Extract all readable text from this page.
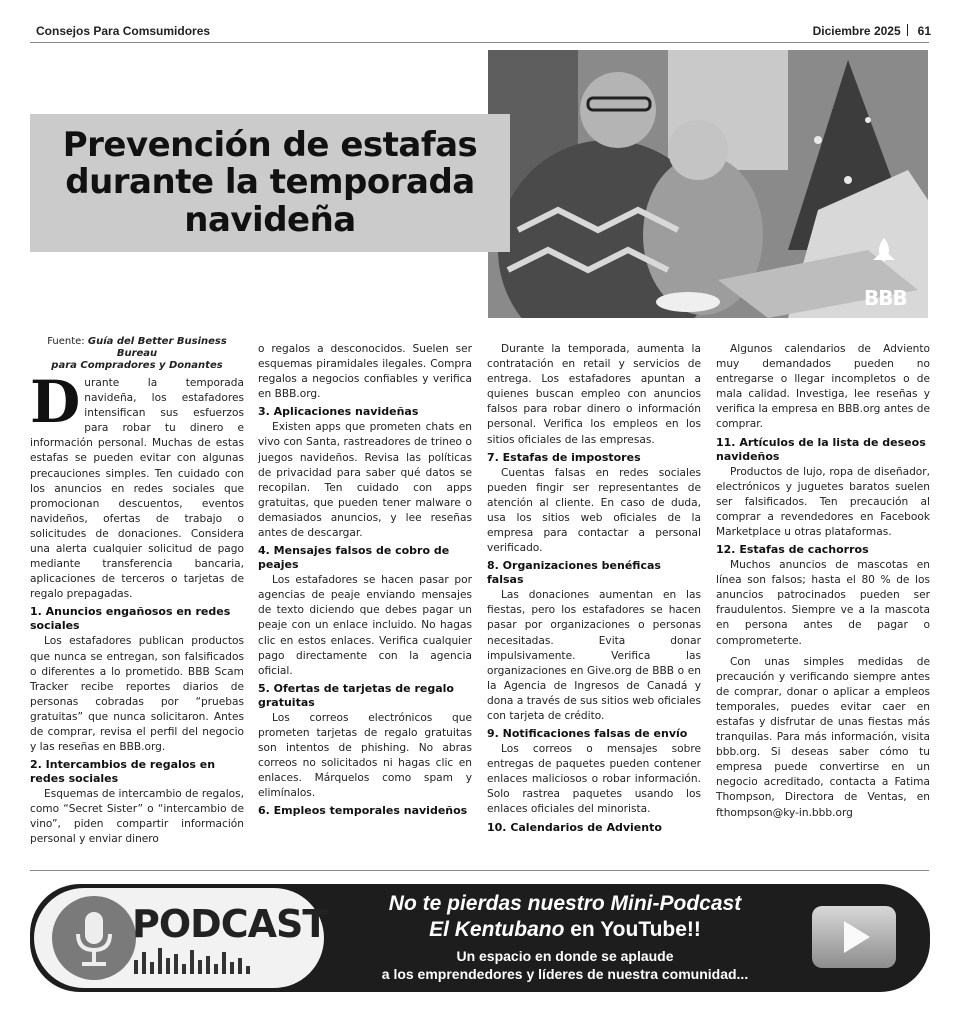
Consejos Para Comsumidores	Diciembre 2025 61
BBB
Prevención de estafas
durante la temporada
navideña
Fuente: Guía del Better Business Bureau
para Compradores y Donantes

Durante la temporada navideña, los estafadores intensifican sus esfuerzos para robar tu dinero e información personal. Muchas de estas estafas se pueden evitar con algunas precauciones simples. Ten cuidado con los anuncios en redes sociales que promocionan descuentos, eventos navideños, ofertas de trabajo o solicitudes de donaciones. Considera una alerta cualquier solicitud de pago mediante transferencia bancaria, aplicaciones de terceros o tarjetas de regalo prepagadas.

1. Anuncios engañosos en redes sociales

Los estafadores publican productos que nunca se entregan, son falsificados o diferentes a lo prometido. BBB Scam Tracker recibe reportes diarios de personas cobradas por “pruebas gratuitas” que nunca solicitaron. Antes de comprar, revisa el perfil del negocio y las reseñas en BBB.org.

2. Intercambios de regalos en redes sociales

Esquemas de intercambio de regalos, como “Secret Sister” o “intercambio de vino”, piden compartir información personal y enviar dinero

o regalos a desconocidos. Suelen ser esquemas piramidales ilegales. Compra regalos a negocios confiables y verifica en BBB.org.

3. Aplicaciones navideñas

Existen apps que prometen chats en vivo con Santa, rastreadores de trineo o juegos navideños. Revisa las políticas de privacidad para saber qué datos se recopilan. Ten cuidado con apps gratuitas, que pueden tener malware o demasiados anuncios, y lee reseñas antes de descargar.

4. Mensajes falsos de cobro de peajes

Los estafadores se hacen pasar por agencias de peaje enviando mensajes de texto diciendo que debes pagar un peaje con un enlace incluido. No hagas clic en estos enlaces. Verifica cualquier pago directamente con la agencia oficial.

5. Ofertas de tarjetas de regalo gratuitas

Los correos electrónicos que prometen tarjetas de regalo gratuitas son intentos de phishing. No abras correos no solicitados ni hagas clic en enlaces. Márquelos como spam y elimínalos.

6. Empleos temporales navideños

Durante la temporada, aumenta la contratación en retail y servicios de entrega. Los estafadores apuntan a quienes buscan empleo con anuncios falsos para robar dinero o información personal. Verifica los empleos en los sitios oficiales de las empresas.

7. Estafas de impostores

Cuentas falsas en redes sociales pueden fingir ser representantes de atención al cliente. En caso de duda, usa los sitios web oficiales de la empresa para contactar a personal verificado.

8. Organizaciones benéficas falsas

Las donaciones aumentan en las fiestas, pero los estafadores se hacen pasar por organizaciones o personas necesitadas. Evita donar impulsivamente. Verifica las organizaciones en Give.org de BBB o en la Agencia de Ingresos de Canadá y dona a través de sus sitios web oficiales con tarjeta de crédito.

9. Notificaciones falsas de envío

Los correos o mensajes sobre entregas de paquetes pueden contener enlaces maliciosos o robar información. Solo rastrea paquetes usando los enlaces oficiales del minorista.

10. Calendarios de Adviento

Algunos calendarios de Adviento muy demandados pueden no entregarse o llegar incompletos o de mala calidad. Investiga, lee reseñas y verifica la empresa en BBB.org antes de comprar.

11. Artículos de la lista de deseos navideños

Productos de lujo, ropa de diseñador, electrónicos y juguetes baratos suelen ser falsificados. Ten precaución al comprar a revendedores en Facebook Marketplace u otras plataformas.

12. Estafas de cachorros

Muchos anuncios de mascotas en línea son falsos; hasta el 80 % de los anuncios patrocinados pueden ser fraudulentos. Siempre ve a la mascota en persona antes de pagar o comprometerte.

Con unas simples medidas de precaución y verificando siempre antes de comprar, donar o aplicar a empleos temporales, puedes evitar caer en estafas y disfrutar de unas fiestas más tranquilas. Para más información, visita bbb.org. Si deseas saber cómo tu empresa puede convertirse en un negocio acreditado, contacta a Fatima Thompson, Directora de Ventas, en fthompson@ky-in.bbb.org

PODCAST	No te pierdas nuestro Mini-Podcast
El Kentubano en YouTube!!
Un espacio en donde se aplaude
a los emprendedores y líderes de nuestra comunidad...
